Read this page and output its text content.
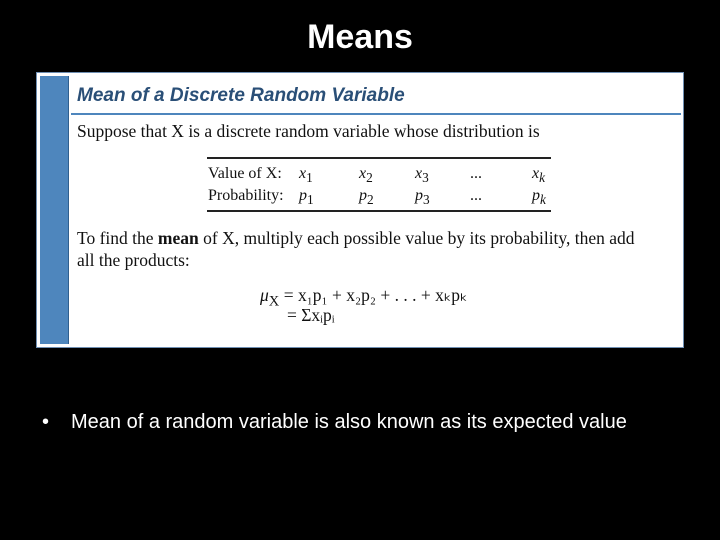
Means
Mean of a Discrete Random Variable
Suppose that X is a discrete random variable whose distribution is
Value of X: $x_1$	$x_2$	$x_3$	...	$x_k$
Probability: $p_1$	$p_2$	$p_3$	...	$p_k$
To find the mean of X, multiply each possible value by its probability, then add
all the products:
$\mu_X = x_1p_1 + x_2p_2$ + . . . + xₖpₖ
= Σxᵢpᵢ
• Mean of a random variable is also known as its expected value
